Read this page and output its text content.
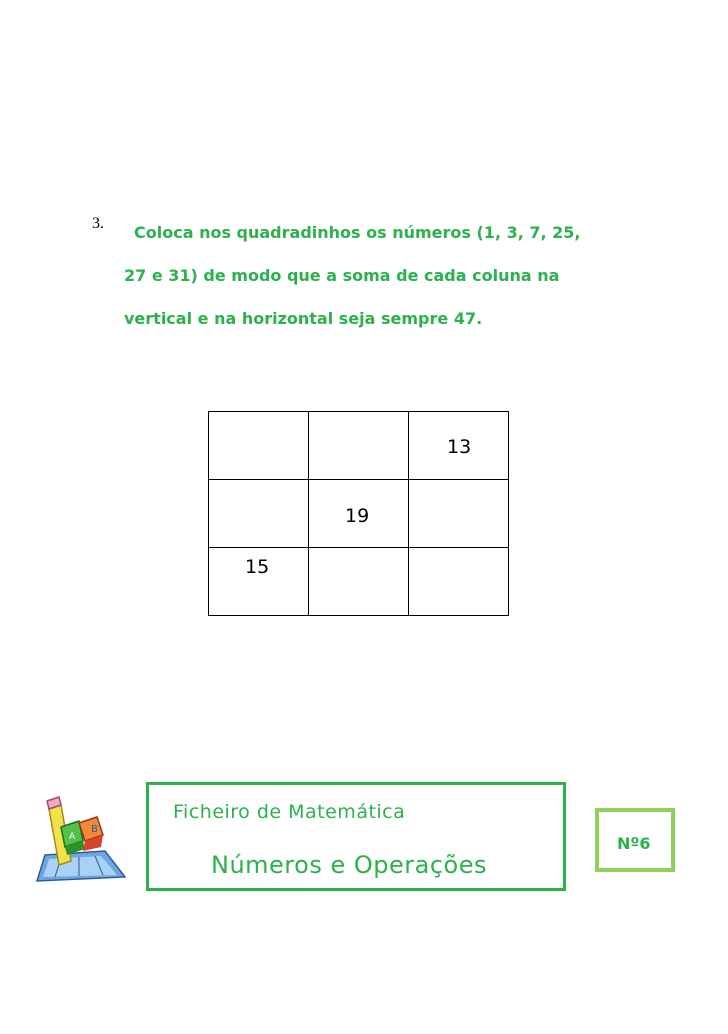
3.	Coloca nos quadradinhos os números (1, 3, 7, 25,
27 e 31) de modo que a soma de cada coluna na
vertical e na horizontal seja sempre 47.

		13

	19	

15		

B
A
Ficheiro de Matemática
Números e Operações
Nº6
